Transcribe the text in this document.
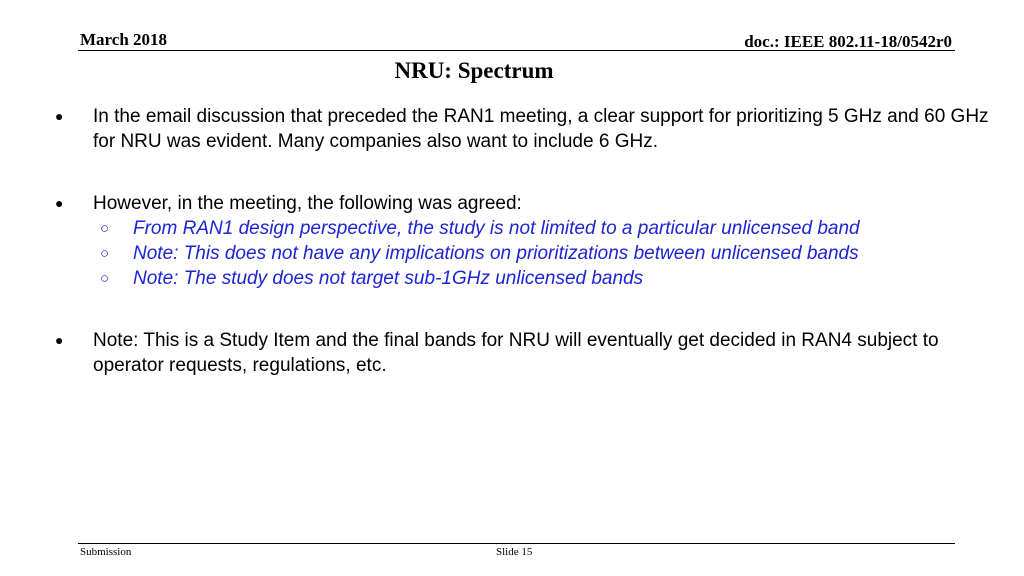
March 2018	doc.: IEEE 802.11-18/0542r0
NRU: Spectrum

●	In the email discussion that preceded the RAN1 meeting, a clear support for prioritizing 5 GHz and 60 GHz for NRU was evident. Many companies also want to include 6 GHz.

●	However, in the meeting, the following was agreed:

○ From RAN1 design perspective, the study is not limited to a particular unlicensed band
○ Note: This does not have any implications on prioritizations between unlicensed bands
○ Note: The study does not target sub-1GHz unlicensed bands

●	Note: This is a Study Item and the final bands for NRU will eventually get decided in RAN4 subject to operator requests, regulations, etc.

Submission	Slide 15
